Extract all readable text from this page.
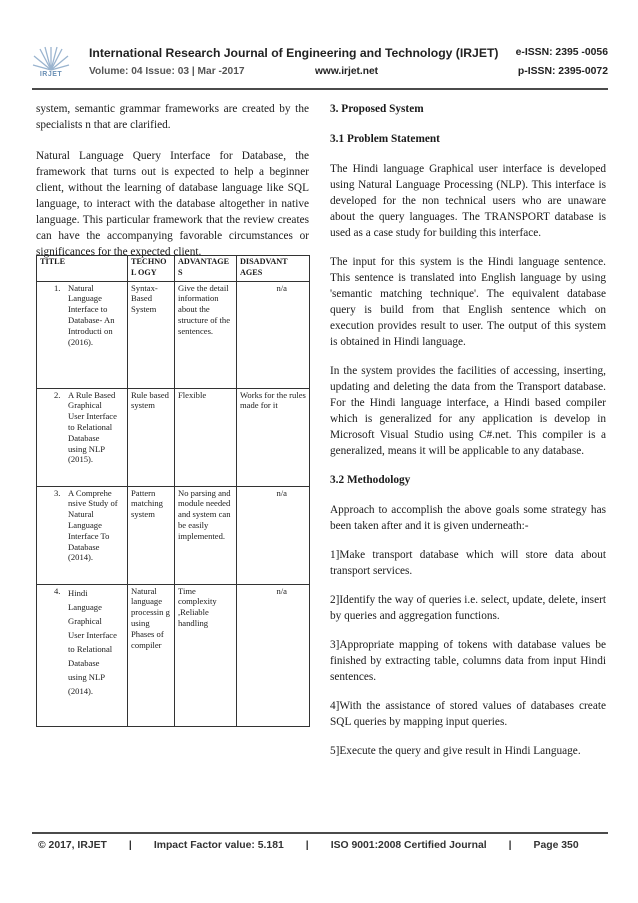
IRJET
International Research Journal of Engineering and Technology (IRJET) e-ISSN: 2395 -0056
Volume: 04 Issue: 03 | Mar -2017	www.irjet.net	p-ISSN: 2395-0072

system, semantic grammar frameworks are created by the specialists n that are clarified.

Natural Language Query Interface for Database, the framework that turns out is expected to help a beginner client, without the learning of database language like SQL language, to interact with the database altogether in native language. This particular framework that the review creates can have the accompanying favorable circumstances or significances for the expected client.

TITLE	TECHNOL OGY	ADVANTAGE S	DISADVANT AGES
1. Natural Language Interface to Database- An Introducti on (2016).	Syntax- Based System	Give the detail information about the structure of the sentences.	n/a
2. A Rule Based Graphical User Interface to Relational Database using NLP (2015).	Rule based system	Flexible	Works for the rules made for it
3. A Comprehe nsive Study of Natural Language Interface To Database (2014).	Pattern matching system	No parsing and module needed and system can be easily implemented.	n/a
4. Hindi Language Graphical User Interface to Relational Database using NLP (2014).	Natural language processin g using Phases of compiler	Time complexity ,Reliable handling	n/a
3. Proposed System
3.1 Problem Statement

The Hindi language Graphical user interface is developed using Natural Language Processing (NLP). This interface is developed for the non technical users who are unaware about the query languages. The TRANSPORT database is used as a case study for building this interface.

The input for this system is the Hindi language sentence. This sentence is translated into English language by using 'semantic matching technique'. The equivalent database query is build from that English sentence which on execution provides result to user. The output of this system is obtained in Hindi language.

In the system provides the facilities of accessing, inserting, updating and deleting the data from the Transport database. For the Hindi language interface, a Hindi based compiler which is generalized for any application is develop in Microsoft Visual Studio using C#.net. This compiler is a generalized, means it will be applicable to any database.

3.2 Methodology

Approach to accomplish the above goals some strategy has been taken after and it is given underneath:-

1]Make transport database which will store data about transport services.

2]Identify the way of queries i.e. select, update, delete, insert by queries and aggregation functions.

3]Appropriate mapping of tokens with database values be finished by extracting table, columns data from input Hindi sentences.

4]With the assistance of stored values of databases create SQL queries by mapping input queries.

5]Execute the query and give result in Hindi Language.

© 2017, IRJET | Impact Factor value: 5.181 | ISO 9001:2008 Certified Journal | Page 350
